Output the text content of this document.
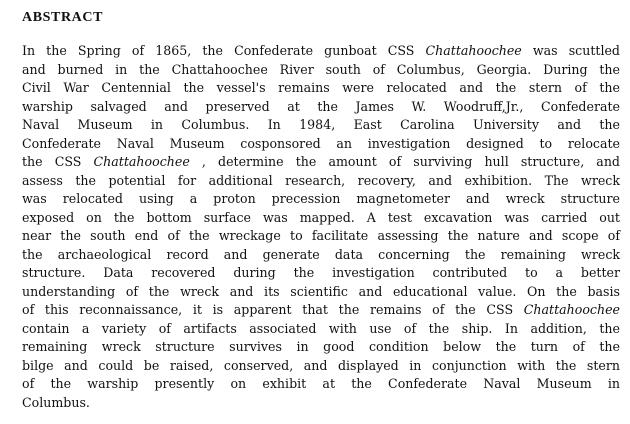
ABSTRACT
In the Spring of 1865, the Confederate gunboat CSS Chattahoochee was scuttled
and burned in the Chattahoochee River south of Columbus, Georgia. During the
Civil War Centennial the vessel's remains were relocated and the stern of the
warship salvaged and preserved at the James W. Woodruff,Jr., Confederate
Naval Museum in Columbus. In 1984, East Carolina University and the
Confederate Naval Museum cosponsored an investigation designed to relocate
the CSS Chattahoochee , determine the amount of surviving hull structure, and
assess the potential for additional research, recovery, and exhibition. The wreck
was relocated using a proton precession magnetometer and wreck structure
exposed on the bottom surface was mapped. A test excavation was carried out
near the south end of the wreckage to facilitate assessing the nature and scope of
the archaeological record and generate data concerning the remaining wreck
structure. Data recovered during the investigation contributed to a better
understanding of the wreck and its scientific and educational value. On the basis
of this reconnaissance, it is apparent that the remains of the CSS Chattahoochee
contain a variety of artifacts associated with use of the ship. In addition, the
remaining wreck structure survives in good condition below the turn of the
bilge and could be raised, conserved, and displayed in conjunction with the stern
of the warship presently on exhibit at the Confederate Naval Museum in
Columbus.
